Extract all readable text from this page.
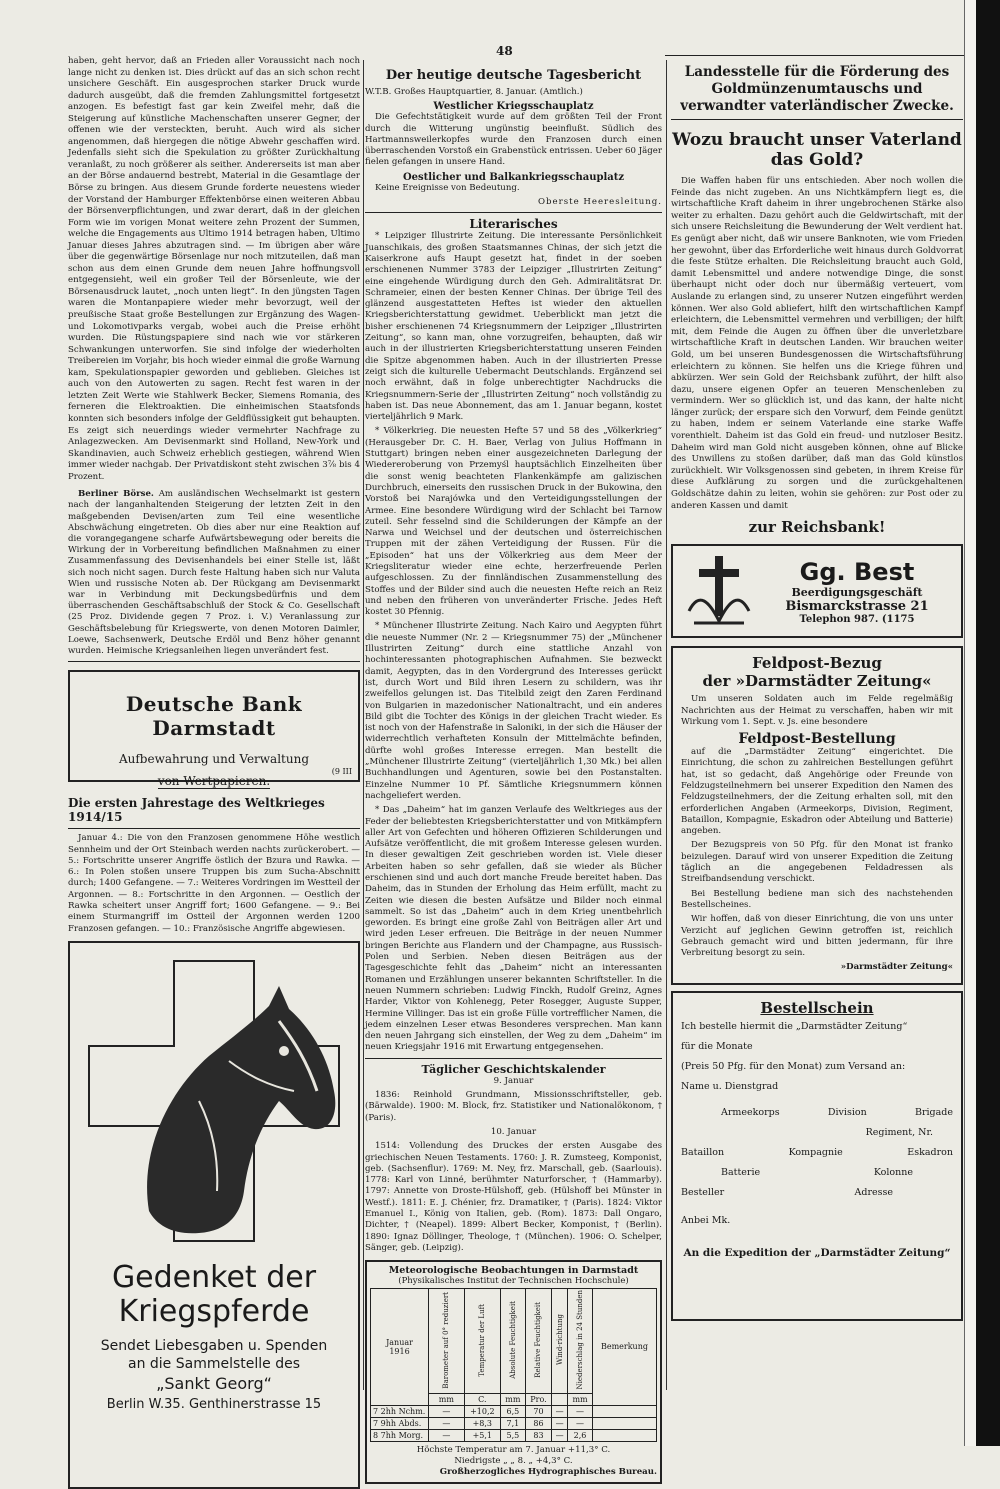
48
haben, geht hervor, daß an Frieden aller Voraussicht nach noch lange nicht zu denken ist. Dies drückt auf das an sich schon recht unsichere Geschäft. Ein ausgesprochen starker Druck wurde dadurch ausgeübt, daß die fremden Zahlungsmittel fortgesetzt anzogen. Es befestigt fast gar kein Zweifel mehr, daß die Steigerung auf künstliche Machenschaften unserer Gegner, der offenen wie der versteckten, beruht. Auch wird als sicher angenommen, daß hiergegen die nötige Abwehr geschaffen wird. Jedenfalls sieht sich die Spekulation zu größter Zurückhaltung veranlaßt, zu noch größerer als seither. Andererseits ist man aber an der Börse andauernd bestrebt, Material in die Gesamtlage der Börse zu bringen. Aus diesem Grunde forderte neuestens wieder der Vorstand der Hamburger Effektenbörse einen weiteren Abbau der Börsenverpflichtungen, und zwar derart, daß in der gleichen Form wie im vorigen Monat weitere zehn Prozent der Summen, welche die Engagements aus Ultimo 1914 betragen haben, Ultimo Januar dieses Jahres abzutragen sind. — Im übrigen aber wäre über die gegenwärtige Börsenlage nur noch mitzuteilen, daß man schon aus dem einen Grunde dem neuen Jahre hoffnungsvoll entgegensieht, weil ein großer Teil der Börsenleute, wie der Börsenausdruck lautet, „noch unten liegt“. In den jüngsten Tagen waren die Montanpapiere wieder mehr bevorzugt, weil der preußische Staat große Bestellungen zur Ergänzung des Wagen- und Lokomotivparks vergab, wobei auch die Preise erhöht wurden. Die Rüstungspapiere sind nach wie vor stärkeren Schwankungen unterworfen. Sie sind infolge der wiederholten Treibereien im Vorjahr, bis hoch wieder einmal die große Warnung kam, Spekulationspapier geworden und geblieben. Gleiches ist auch von den Autowerten zu sagen. Recht fest waren in der letzten Zeit Werte wie Stahlwerk Becker, Siemens Romania, des ferneren die Elektroaktien. Die einheimischen Staatsfonds konnten sich besonders infolge der Geldflüssigkeit gut behaupten. Es zeigt sich neuerdings wieder vermehrter Nachfrage zu Anlagezwecken. Am Devisenmarkt sind Holland, New-York und Skandinavien, auch Schweiz erheblich gestiegen, während Wien immer wieder nachgab. Der Privatdiskont steht zwischen 3⅞ bis 4 Prozent.
Berliner Börse. Am ausländischen Wechselmarkt ist gestern nach der langanhaltenden Steigerung der letzten Zeit in den maßgebenden Devisen/arten zum Teil eine wesentliche Abschwächung eingetreten. Ob dies aber nur eine Reaktion auf die vorangegangene scharfe Aufwärtsbewegung oder bereits die Wirkung der in Vorbereitung befindlichen Maßnahmen zu einer Zusammenfassung des Devisenhandels bei einer Stelle ist, läßt sich noch nicht sagen. Durch feste Haltung haben sich nur Valuta Wien und russische Noten ab. Der Rückgang am Devisenmarkt war in Verbindung mit Deckungsbedürfnis und dem überraschenden Geschäftsabschluß der Stock & Co. Gesellschaft (25 Proz. Dividende gegen 7 Proz. i. V.) Veranlassung zur Geschäftsbelebung für Kriegswerte, von denen Motoren Daimler, Loewe, Sachsenwerk, Deutsche Erdöl und Benz höher genannt wurden. Heimische Kriegsanleihen liegen unverändert fest.
Deutsche Bank Darmstadt
Aufbewahrung und Verwaltung
von Wertpapieren.
(9 III
Die ersten Jahrestage des Weltkrieges 1914/15
Januar 4.: Die von den Franzosen genommene Höhe westlich Sennheim und der Ort Steinbach werden nachts zurückerobert. — 5.: Fortschritte unserer Angriffe östlich der Bzura und Rawka. — 6.: In Polen stoßen unsere Truppen bis zum Sucha-Abschnitt durch; 1400 Gefangene. — 7.: Weiteres Vordringen im Westteil der Argonnen. — 8.: Fortschritte in den Argonnen. — Oestlich der Rawka scheitert unser Angriff fort; 1600 Gefangene. — 9.: Bei einem Sturmangriff im Ostteil der Argonnen werden 1200 Franzosen gefangen. — 10.: Französische Angriffe abgewiesen.
Gedenket der
Kriegspferde
Sendet Liebesgaben u. Spenden
an die Sammelstelle des
„Sankt Georg“
Berlin W.35. Genthinerstrasse 15
Der heutige deutsche Tagesbericht
W.T.B. Großes Hauptquartier, 8. Januar. (Amtlich.)
Westlicher Kriegsschauplatz
Die Gefechtstätigkeit wurde auf dem größten Teil der Front durch die Witterung ungünstig beeinflußt. Südlich des Hartmannsweilerkopfes wurde den Franzosen durch einen überraschenden Vorstoß ein Grabenstück entrissen. Ueber 60 Jäger fielen gefangen in unsere Hand.
Oestlicher und Balkankriegsschauplatz
Keine Ereignisse von Bedeutung.
Oberste Heeresleitung.
Literarisches
* Leipziger Illustrirte Zeitung. Die interessante Persönlichkeit Juanschikais, des großen Staatsmannes Chinas, der sich jetzt die Kaiserkrone aufs Haupt gesetzt hat, findet in der soeben erschienenen Nummer 3783 der Leipziger „Illustrirten Zeitung“ eine eingehende Würdigung durch den Geh. Admiralitätsrat Dr. Schrameier, einen der besten Kenner Chinas. Der übrige Teil des glänzend ausgestatteten Heftes ist wieder den aktuellen Kriegsberichterstattung gewidmet. Ueberblickt man jetzt die bisher erschienenen 74 Kriegsnummern der Leipziger „Illustrirten Zeitung“, so kann man, ohne vorzugreifen, behaupten, daß wir auch in der illustrierten Kriegsberichterstattung unseren Feinden die Spitze abgenommen haben. Auch in der illustrierten Presse zeigt sich die kulturelle Uebermacht Deutschlands. Ergänzend sei noch erwähnt, daß in folge unberechtigter Nachdrucks die Kriegsnummern-Serie der „Illustrirten Zeitung“ noch vollständig zu haben ist. Das neue Abonnement, das am 1. Januar begann, kostet vierteljährlich 9 Mark.
* Völkerkrieg. Die neuesten Hefte 57 und 58 des „Völkerkrieg“ (Herausgeber Dr. C. H. Baer, Verlag von Julius Hoffmann in Stuttgart) bringen neben einer ausgezeichneten Darlegung der Wiedereroberung von Przemyśl hauptsächlich Einzelheiten über die sonst wenig beachteten Flankenkämpfe am galizischen Durchbruch, einerseits den russischen Druck in der Bukowina, den Vorstoß bei Narajówka und den Verteidigungsstellungen der Armee. Eine besondere Würdigung wird der Schlacht bei Tarnow zuteil. Sehr fesselnd sind die Schilderungen der Kämpfe an der Narwa und Weichsel und der deutschen und österreichischen Truppen mit der zähen Verteidigung der Russen. Für die „Episoden“ hat uns der Völkerkrieg aus dem Meer der Kriegsliteratur wieder eine echte, herzerfreuende Perlen aufgeschlossen. Zu der finnländischen Zusammenstellung des Stoffes und der Bilder sind auch die neuesten Hefte reich an Reiz und neben den früheren von unveränderter Frische. Jedes Heft kostet 30 Pfennig.
* Münchener Illustrirte Zeitung. Nach Kairo und Aegypten führt die neueste Nummer (Nr. 2 — Kriegsnummer 75) der „Münchener Illustrirten Zeitung“ durch eine stattliche Anzahl von hochinteressanten photographischen Aufnahmen. Sie bezweckt damit, Aegypten, das in den Vordergrund des Interesses gerückt ist, durch Wort und Bild ihren Lesern zu schildern, was ihr zweifellos gelungen ist. Das Titelbild zeigt den Zaren Ferdinand von Bulgarien in mazedonischer Nationaltracht, und ein anderes Bild gibt die Tochter des Königs in der gleichen Tracht wieder. Es ist noch von der Hafenstraße in Saloniki, in der sich die Häuser der widerrechtlich verhafteten Konsuln der Mittelmächte befinden, dürfte wohl großes Interesse erregen. Man bestellt die „Münchener Illustrirte Zeitung“ (vierteljährlich 1,30 Mk.) bei allen Buchhandlungen und Agenturen, sowie bei den Postanstalten. Einzelne Nummer 10 Pf. Sämtliche Kriegsnummern können nachgeliefert werden.
* Das „Daheim“ hat im ganzen Verlaufe des Weltkrieges aus der Feder der beliebtesten Kriegsberichterstatter und von Mitkämpfern aller Art von Gefechten und höheren Offizieren Schilderungen und Aufsätze veröffentlicht, die mit großem Interesse gelesen wurden. In dieser gewaltigen Zeit geschrieben worden ist. Viele dieser Arbeiten haben so sehr gefallen, daß sie wieder als Bücher erschienen sind und auch dort manche Freude bereitet haben. Das Daheim, das in Stunden der Erholung das Heim erfüllt, macht zu Zeiten wie diesen die besten Aufsätze und Bilder noch einmal sammelt. So ist das „Daheim“ auch in dem Krieg unentbehrlich geworden. Es bringt eine große Zahl von Beiträgen aller Art und wird jeden Leser erfreuen. Die Beiträge in der neuen Nummer bringen Berichte aus Flandern und der Champagne, aus Russisch-Polen und Serbien. Neben diesen Beiträgen aus der Tagesgeschichte fehlt das „Daheim“ nicht an interessanten Romanen und Erzählungen unserer bekannten Schriftsteller. In die neuen Nummern schrieben: Ludwig Finckh, Rudolf Greinz, Agnes Harder, Viktor von Kohlenegg, Peter Rosegger, Auguste Supper, Hermine Villinger. Das ist ein große Fülle vortrefflicher Namen, die jedem einzelnen Leser etwas Besonderes versprechen. Man kann den neuen Jahrgang sich einstellen, der Weg zu dem „Daheim“ im neuen Kriegsjahr 1916 mit Erwartung entgegensehen.
Täglicher Geschichtskalender
9. Januar
1836: Reinhold Grundmann, Missionsschriftsteller, geb. (Bärwalde). 1900: M. Block, frz. Statistiker und Nationalökonom, † (Paris).
10. Januar
1514: Vollendung des Druckes der ersten Ausgabe des griechischen Neuen Testaments. 1760: J. R. Zumsteeg, Komponist, geb. (Sachsenflur). 1769: M. Ney, frz. Marschall, geb. (Saarlouis). 1778: Karl von Linné, berühmter Naturforscher, † (Hammarby). 1797: Annette von Droste-Hülshoff, geb. (Hülshoff bei Münster in Westf.). 1811: E. J. Chénier, frz. Dramatiker, † (Paris). 1824: Viktor Emanuel I., König von Italien, geb. (Rom). 1873: Dall Ongaro, Dichter, † (Neapel). 1899: Albert Becker, Komponist, † (Berlin). 1890: Ignaz Döllinger, Theologe, † (München). 1906: O. Schelper, Sänger, geb. (Leipzig).
Meteorologische Beobachtungen in Darmstadt
(Physikalisches Institut der Technischen Hochschule)
Januar
1916	Barometer auf 0° reduziert	Temperatur der Luft	Absolute Feuchtigkeit	Relative Feuchtigkeit	Wind-richtung	Niederschlag in 24 Stunden	Bemerkung
	mm	C.	mm	Pro.		mm	
7 2hh Nchm.	—	+10,2	6,5	70	—	—	
7 9hh Abds.	—	+8,3	7,1	86	—	—	
8 7hh Morg.	—	+5,1	5,5	83	—	2,6	
Höchste Temperatur am 7. Januar +11,3° C.
Niedrigste „ „ 8. „ +4,3° C.
Großherzogliches Hydrographisches Bureau.
Landesstelle für die Förderung des Goldmünzenumtauschs und verwandter vaterländischer Zwecke.
Wozu braucht unser Vaterland
das Gold?
Die Waffen haben für uns entschieden. Aber noch wollen die Feinde das nicht zugeben. An uns Nichtkämpfern liegt es, die wirtschaftliche Kraft daheim in ihrer ungebrochenen Stärke also weiter zu erhalten. Dazu gehört auch die Geldwirtschaft, mit der sich unsere Reichsleitung die Bewunderung der Welt verdient hat. Es genügt aber nicht, daß wir unsere Banknoten, wie vom Frieden her gewohnt, über das Erforderliche weit hinaus durch Goldvorrat die feste Stütze erhalten. Die Reichsleitung braucht auch Gold, damit Lebensmittel und andere notwendige Dinge, die sonst überhaupt nicht oder doch nur übermäßig verteuert, vom Auslande zu erlangen sind, zu unserer Nutzen eingeführt werden können. Wer also Gold abliefert, hilft den wirtschaftlichen Kampf erleichtern, die Lebensmittel vermehren und verbilligen; der hilft mit, dem Feinde die Augen zu öffnen über die unverletzbare wirtschaftliche Kraft in deutschen Landen. Wir brauchen weiter Gold, um bei unseren Bundesgenossen die Wirtschaftsführung erleichtern zu können. Sie helfen uns die Kriege führen und abkürzen. Wer sein Gold der Reichsbank zuführt, der hilft also dazu, unsere eigenen Opfer an teueren Menschenleben zu vermindern. Wer so glücklich ist, und das kann, der halte nicht länger zurück; der erspare sich den Vorwurf, dem Feinde genützt zu haben, indem er seinem Vaterlande eine starke Waffe vorenthielt. Daheim ist das Gold ein freud- und nutzloser Besitz. Daheim wird man Gold nicht ausgeben können, ohne auf Blicke des Unwillens zu stoßen darüber, daß man das Gold künstlos zurückhielt. Wir Volksgenossen sind gebeten, in ihrem Kreise für diese Aufklärung zu sorgen und die zurückgehaltenen Goldschätze dahin zu leiten, wohin sie gehören: zur Post oder zu anderen Kassen und damit
zur Reichsbank!
Gg. Best
Beerdigungsgeschäft
Bismarckstrasse 21
Telephon 987. (1175
Feldpost-Bezug
der »Darmstädter Zeitung«
Um unseren Soldaten auch im Felde regelmäßig Nachrichten aus der Heimat zu verschaffen, haben wir mit Wirkung vom 1. Sept. v. Js. eine besondere
Feldpost-Bestellung
auf die „Darmstädter Zeitung“ eingerichtet. Die Einrichtung, die schon zu zahlreichen Bestellungen geführt hat, ist so gedacht, daß Angehörige oder Freunde von Feldzugsteilnehmern bei unserer Expedition den Namen des Feldzugsteilnehmers, der die Zeitung erhalten soll, mit den erforderlichen Angaben (Armeekorps, Division, Regiment, Bataillon, Kompagnie, Eskadron oder Abteilung und Batterie) angeben.
Der Bezugspreis von 50 Pfg. für den Monat ist franko beizulegen. Darauf wird von unserer Expedition die Zeitung täglich an die angegebenen Feldadressen als Streifbandsendung verschickt.
Bei Bestellung bediene man sich des nachstehenden Bestellscheines.
Wir hoffen, daß von dieser Einrichtung, die von uns unter Verzicht auf jeglichen Gewinn getroffen ist, reichlich Gebrauch gemacht wird und bitten jedermann, für ihre Verbreitung besorgt zu sein.
»Darmstädter Zeitung«
Bestellschein
Ich bestelle hiermit die „Darmstädter Zeitung“
für die Monate
(Preis 50 Pfg. für den Monat) zum Versand an:
Name u. Dienstgrad
Armeekorps	Division	Brigade
Regiment, Nr.
Bataillon	Kompagnie	Eskadron
Batterie	Kolonne
Besteller	Adresse
Anbei Mk.
An die Expedition der „Darmstädter Zeitung“
